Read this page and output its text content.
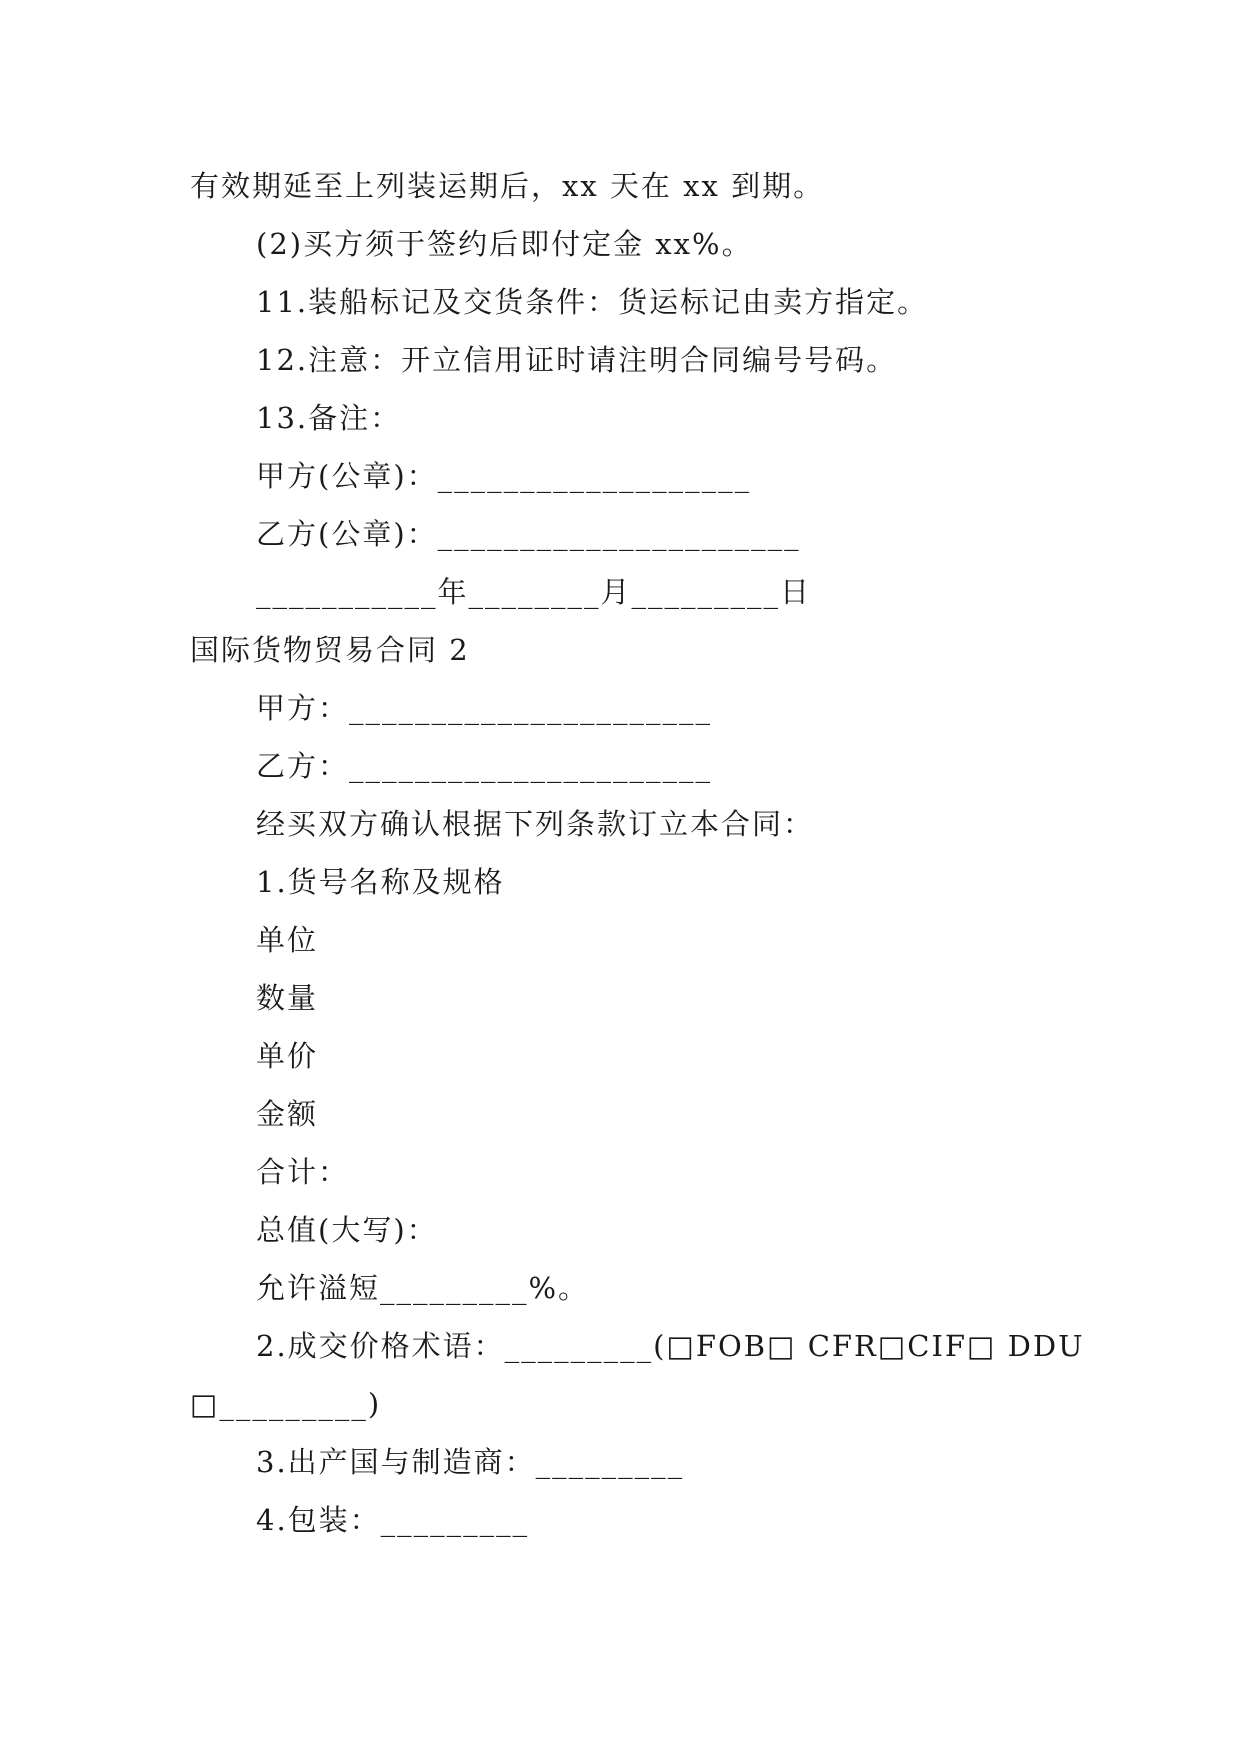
有效期延至上列装运期后，xx 天在 xx 到期。
(2)买方须于签约后即付定金 xx%。
11.装船标记及交货条件：货运标记由卖方指定。
12.注意：开立信用证时请注明合同编号号码。
13.备注：
甲方(公章)：___________________
乙方(公章)：______________________
___________年________月_________日
国际货物贸易合同 2
甲方：______________________
乙方：______________________
经买双方确认根据下列条款订立本合同：
1.货号名称及规格
单位
数量
单价
金额
合计：
总值(大写)：
允许溢短_________%。
2.成交价格术语：_________(□FOB□ CFR□CIF□ DDU
□_________)
3.出产国与制造商：_________
4.包装：_________
